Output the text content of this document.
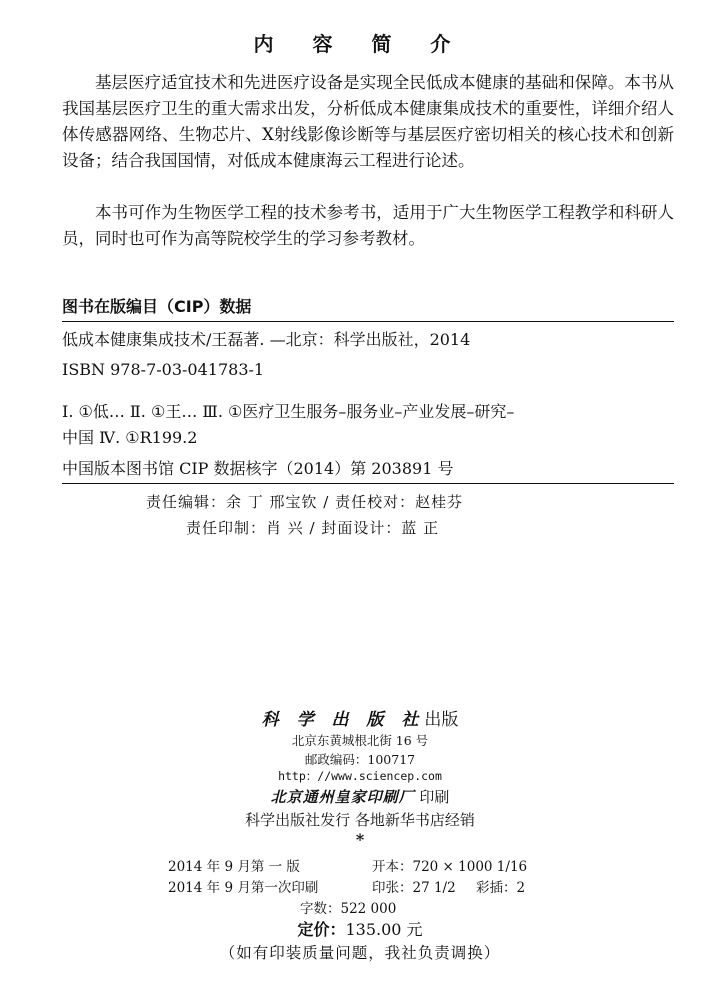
内 容 简 介

基层医疗适宜技术和先进医疗设备是实现全民低成本健康的基础和保障。本书从我国基层医疗卫生的重大需求出发，分析低成本健康集成技术的重要性，详细介绍人体传感器网络、生物芯片、X射线影像诊断等与基层医疗密切相关的核心技术和创新设备；结合我国国情，对低成本健康海云工程进行论述。

本书可作为生物医学工程的技术参考书，适用于广大生物医学工程教学和科研人员，同时也可作为高等院校学生的学习参考教材。

图书在版编目（CIP）数据
低成本健康集成技术/王磊著. —北京：科学出版社，2014
ISBN 978-7-03-041783-1
Ⅰ. ①低… Ⅱ. ①王… Ⅲ. ①医疗卫生服务–服务业–产业发展–研究–
中国 Ⅳ. ①R199.2
中国版本图书馆 CIP 数据核字（2014）第 203891 号
责任编辑：余 丁 邢宝钦 / 责任校对：赵桂芬
责任印制：肖 兴 / 封面设计：蓝 正
科 学 出 版 社出版
北京东黄城根北街 16 号
邮政编码：100717
http：//www.sciencep.com
北京通州皇家印刷厂 印刷
科学出版社发行 各地新华书店经销
*
2014 年 9 月第 一 版	开本：720 × 1000 1/16
2014 年 9 月第一次印刷	印张：27 1/2 彩插：2
字数：522 000
定价：135.00 元
（如有印装质量问题，我社负责调换）
